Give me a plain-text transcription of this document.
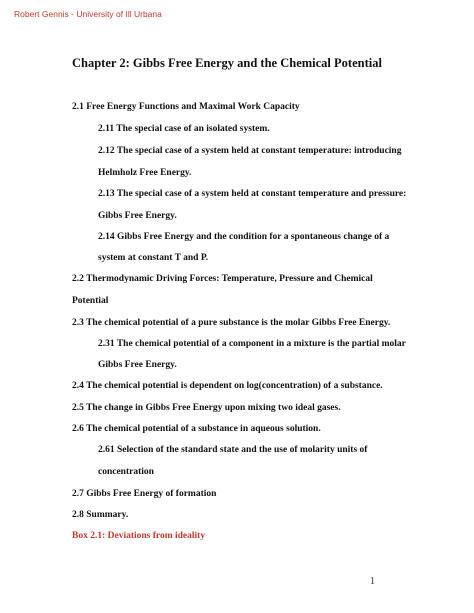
Robert Gennis - University of Ill Urbana
Chapter 2: Gibbs Free Energy and the Chemical Potential
2.1 Free Energy Functions and Maximal Work Capacity
2.11 The special case of an isolated system.
2.12 The special case of a system held at constant temperature: introducing
Helmholz Free Energy.
2.13 The special case of a system held at constant temperature and pressure:
Gibbs Free Energy.
2.14 Gibbs Free Energy and the condition for a spontaneous change of a
system at constant T and P.
2.2 Thermodynamic Driving Forces: Temperature, Pressure and Chemical
Potential
2.3 The chemical potential of a pure substance is the molar Gibbs Free Energy.
2.31 The chemical potential of a component in a mixture is the partial molar
Gibbs Free Energy.
2.4 The chemical potential is dependent on log(concentration) of a substance.
2.5 The change in Gibbs Free Energy upon mixing two ideal gases.
2.6 The chemical potential of a substance in aqueous solution.
2.61 Selection of the standard state and the use of molarity units of
concentration
2.7 Gibbs Free Energy of formation
2.8 Summary.
Box 2.1: Deviations from ideality
1
